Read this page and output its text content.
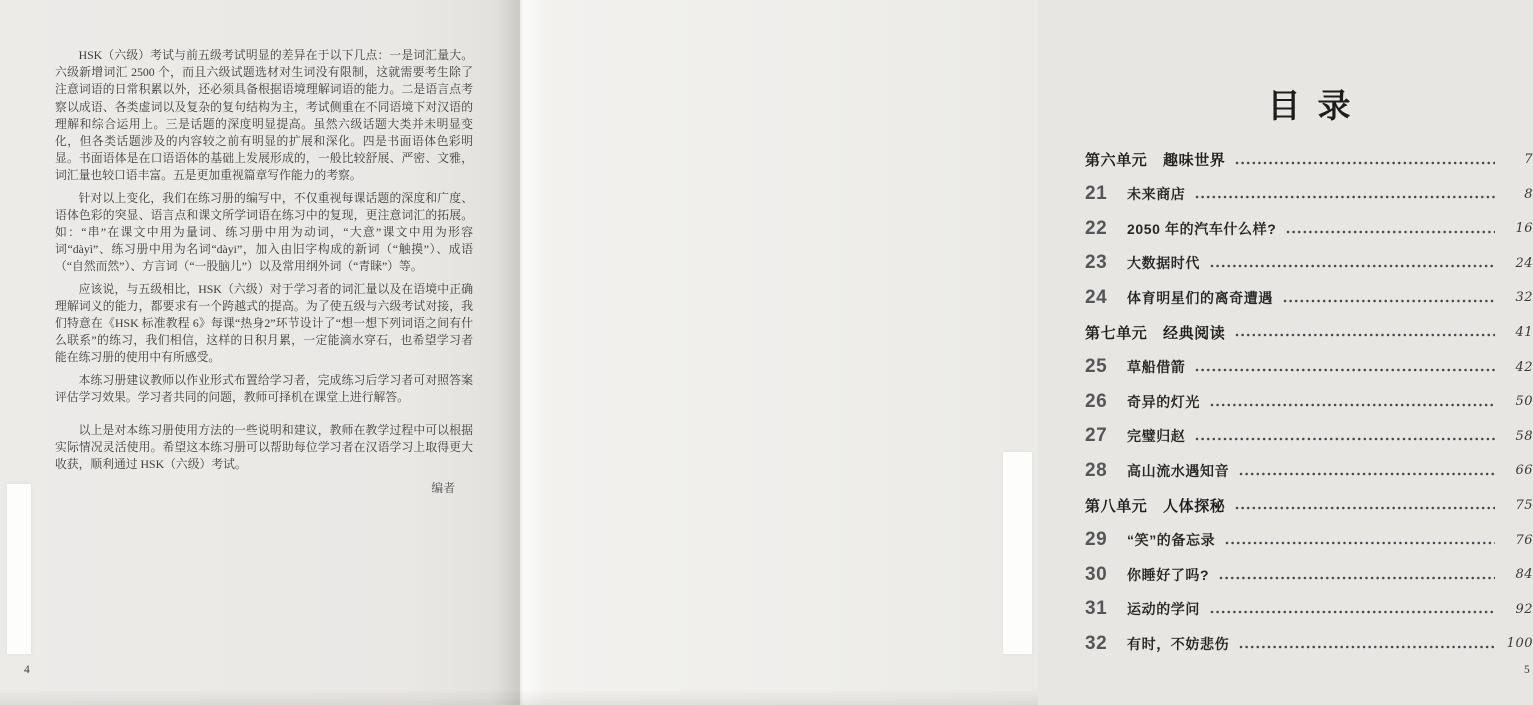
HSK（六级）考试与前五级考试明显的差异在于以下几点：一是词汇量大。六级新增词汇 2500 个，而且六级试题选材对生词没有限制，这就需要考生除了注意词语的日常积累以外，还必须具备根据语境理解词语的能力。二是语言点考察以成语、各类虚词以及复杂的复句结构为主，考试侧重在不同语境下对汉语的理解和综合运用上。三是话题的深度明显提高。虽然六级话题大类并未明显变化，但各类话题涉及的内容较之前有明显的扩展和深化。四是书面语体色彩明显。书面语体是在口语语体的基础上发展形成的，一般比较舒展、严密、文雅，词汇量也较口语丰富。五是更加重视篇章写作能力的考察。

针对以上变化，我们在练习册的编写中，不仅重视每课话题的深度和广度、语体色彩的突显、语言点和课文所学词语在练习中的复现，更注意词汇的拓展。如：“串”在课文中用为量词、练习册中用为动词，“大意”课文中用为形容词“dàyì”、练习册中用为名词“dàyi”，加入由旧字构成的新词（“触摸”）、成语（“自然而然”）、方言词（“一股脑儿”）以及常用纲外词（“青睐”）等。

应该说，与五级相比，HSK（六级）对于学习者的词汇量以及在语境中正确理解词义的能力，都要求有一个跨越式的提高。为了使五级与六级考试对接，我们特意在《HSK 标准教程 6》每课“热身2”环节设计了“想一想下列词语之间有什么联系”的练习，我们相信，这样的日积月累，一定能滴水穿石，也希望学习者能在练习册的使用中有所感受。

本练习册建议教师以作业形式布置给学习者，完成练习后学习者可对照答案评估学习效果。学习者共同的问题，教师可择机在课堂上进行解答。

以上是对本练习册使用方法的一些说明和建议，教师在教学过程中可以根据实际情况灵活使用。希望这本练习册可以帮助每位学习者在汉语学习上取得更大收获，顺利通过 HSK（六级）考试。

编者
4
目录
第六单元　趣味世界	7
21	未来商店	8
22	2050 年的汽车什么样?	16
23	大数据时代	24
24	体育明星们的离奇遭遇	32
第七单元　经典阅读	41
25	草船借箭	42
26	奇异的灯光	50
27	完璧归赵	58
28	高山流水遇知音	66
第八单元　人体探秘	75
29	“笑”的备忘录	76
30	你睡好了吗?	84
31	运动的学问	92
32	有时，不妨悲伤	100
5
